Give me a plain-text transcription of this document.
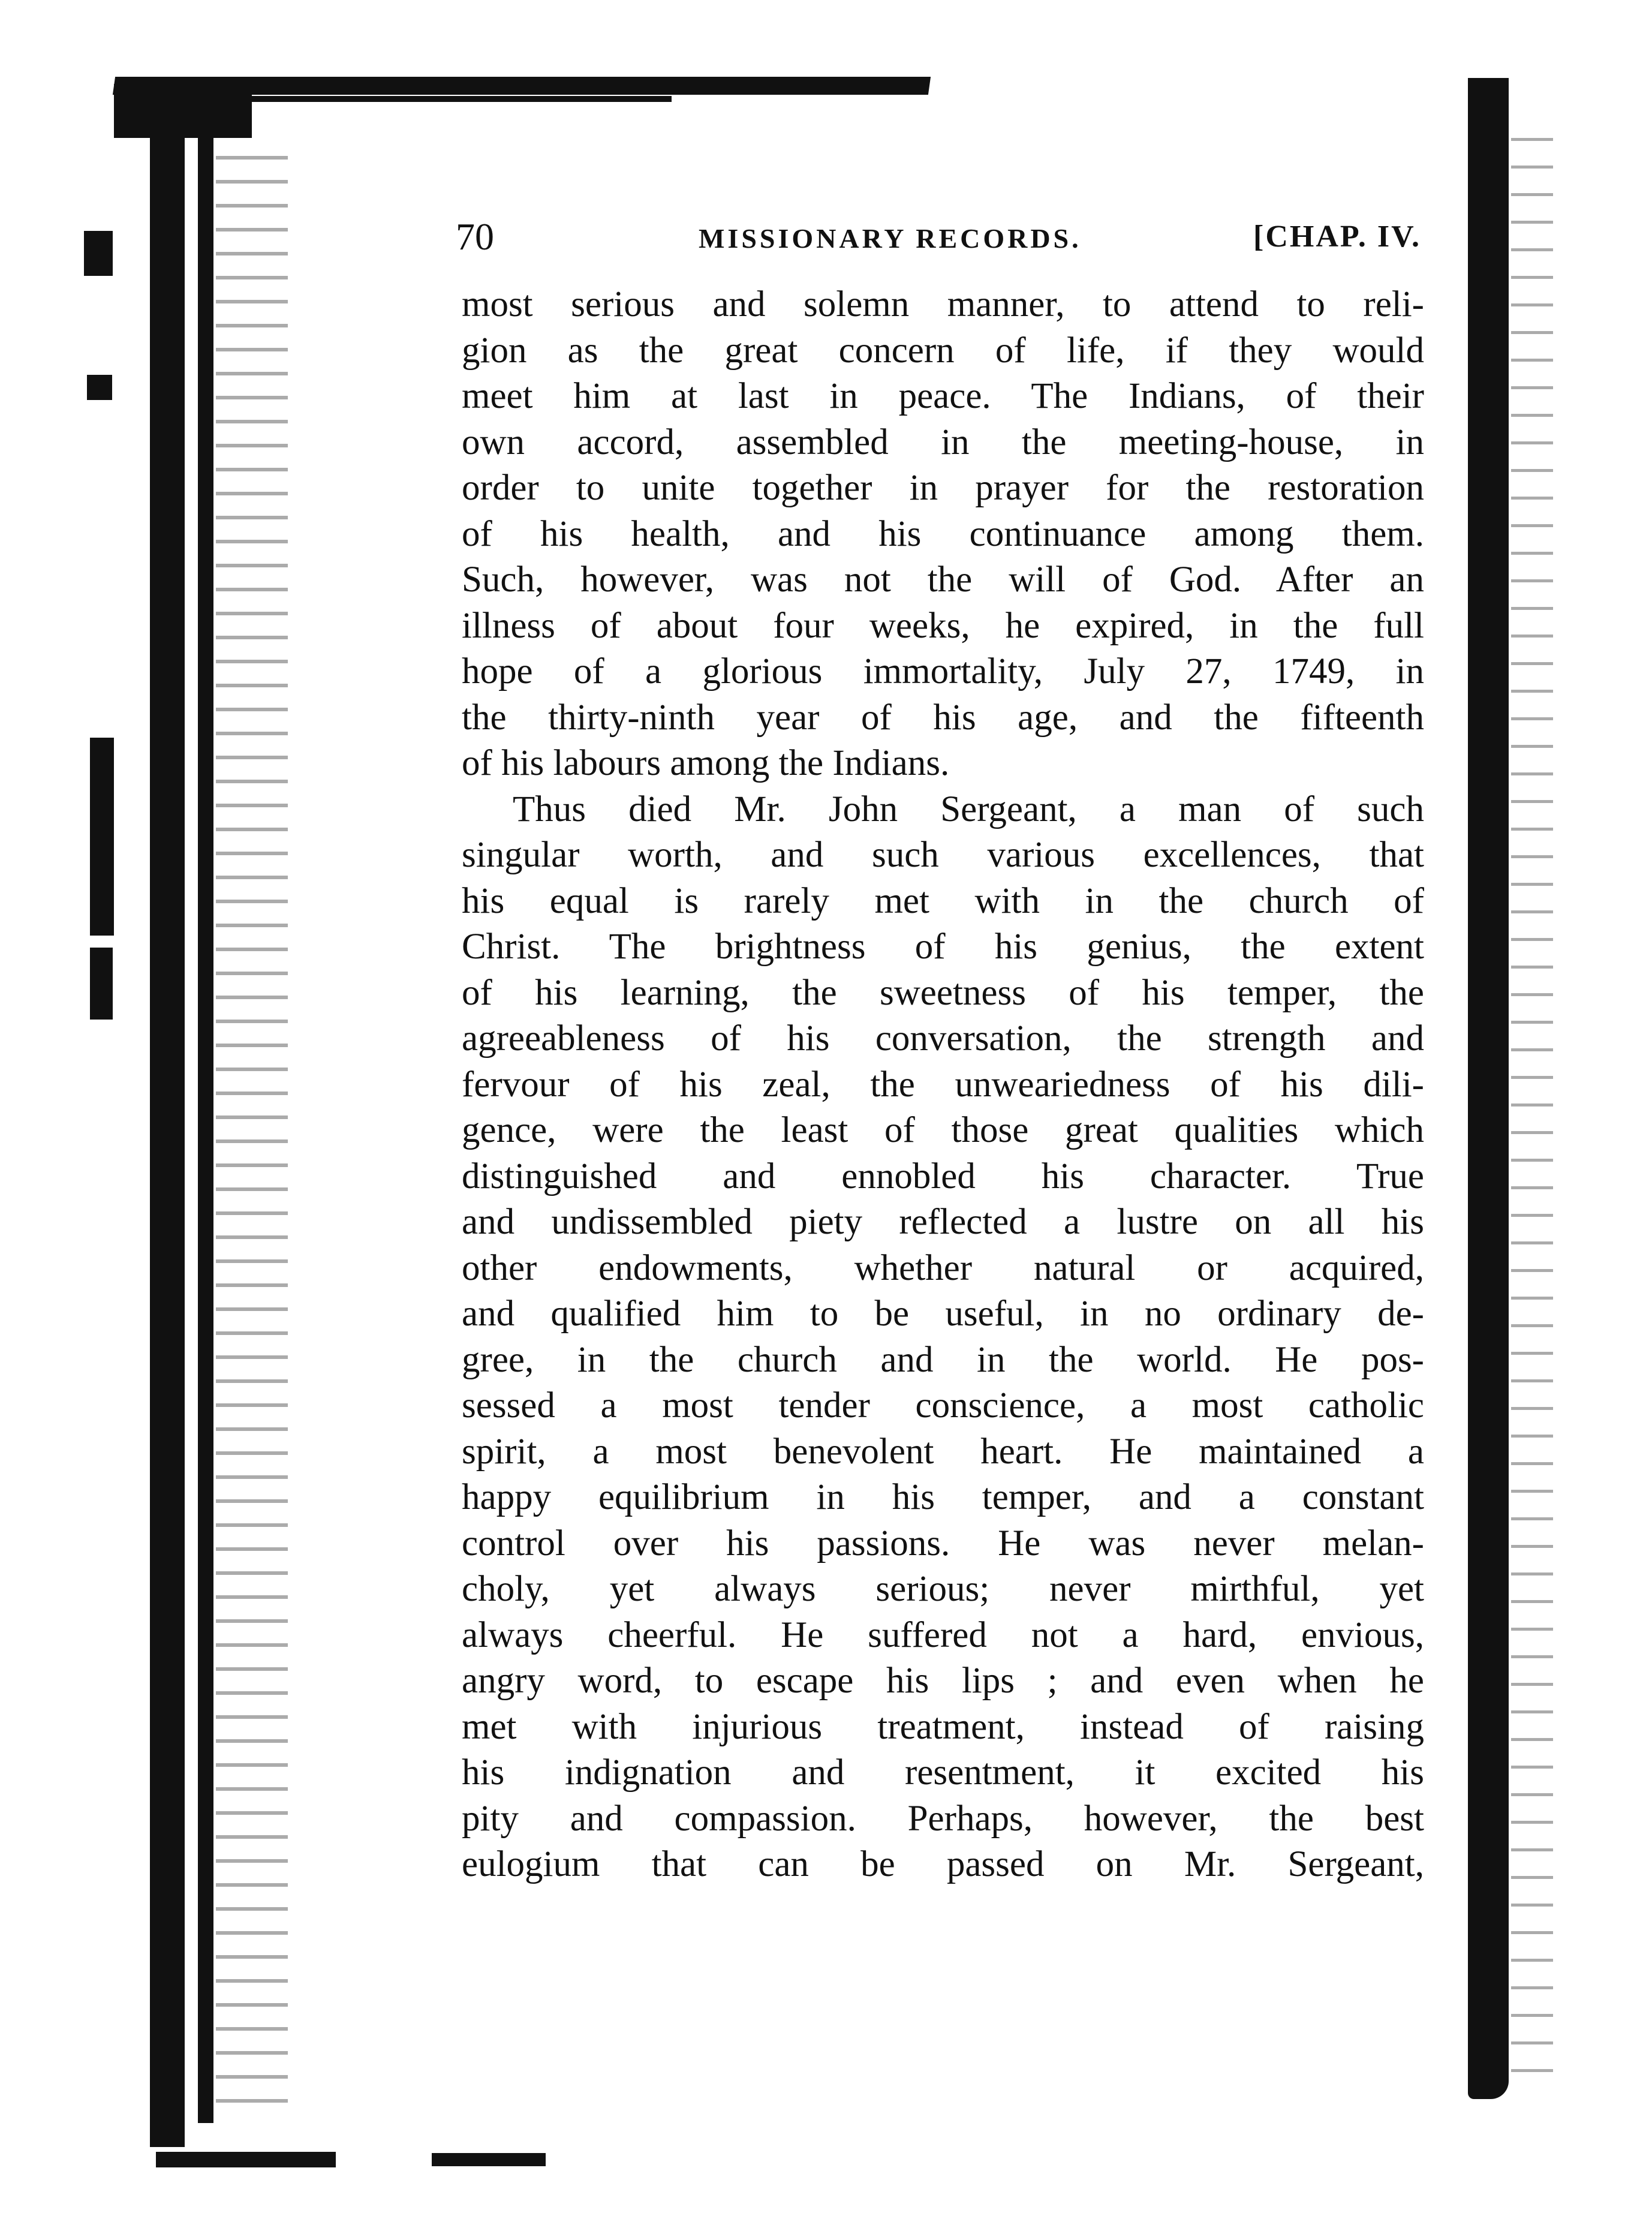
70	MISSIONARY RECORDS.	[CHAP. IV.
most serious and solemn manner, to attend to reli-
gion as the great concern of life, if they would
meet him at last in peace. The Indians, of their
own accord, assembled in the meeting-house, in
order to unite together in prayer for the restoration
of his health, and his continuance among them.
Such, however, was not the will of God. After an
illness of about four weeks, he expired, in the full
hope of a glorious immortality, July 27, 1749, in
the thirty-ninth year of his age, and the fifteenth
of his labours among the Indians.
Thus died Mr. John Sergeant, a man of such
singular worth, and such various excellences, that
his equal is rarely met with in the church of
Christ. The brightness of his genius, the extent
of his learning, the sweetness of his temper, the
agreeableness of his conversation, the strength and
fervour of his zeal, the unweariedness of his dili-
gence, were the least of those great qualities which
distinguished and ennobled his character. True
and undissembled piety reflected a lustre on all his
other endowments, whether natural or acquired,
and qualified him to be useful, in no ordinary de-
gree, in the church and in the world. He pos-
sessed a most tender conscience, a most catholic
spirit, a most benevolent heart. He maintained a
happy equilibrium in his temper, and a constant
control over his passions. He was never melan-
choly, yet always serious; never mirthful, yet
always cheerful. He suffered not a hard, envious,
angry word, to escape his lips ; and even when he
met with injurious treatment, instead of raising
his indignation and resentment, it excited his
pity and compassion. Perhaps, however, the best
eulogium that can be passed on Mr. Sergeant,
